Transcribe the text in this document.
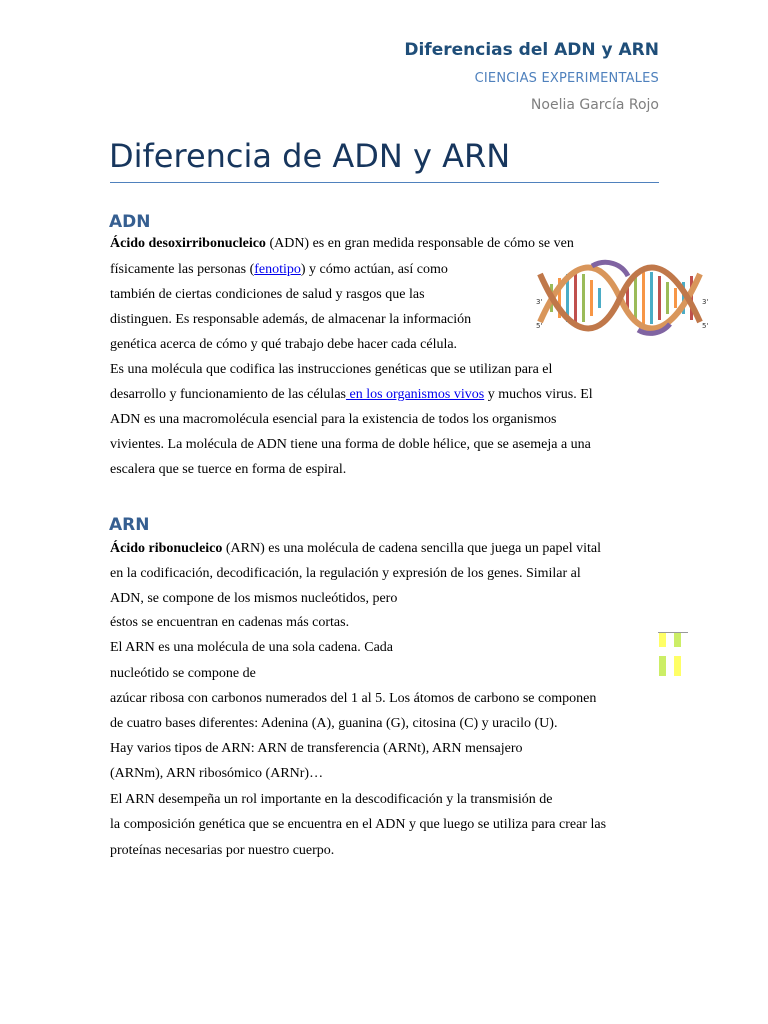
Diferencias del ADN y ARN
CIENCIAS EXPERIMENTALES
Noelia García Rojo
Diferencia de ADN y ARN
ADN
Ácido desoxirribonucleico (ADN) es en gran medida responsable de cómo se ven
físicamente las personas (fenotipo) y cómo actúan, así como
también de ciertas condiciones de salud y rasgos que las
distinguen. Es responsable además, de almacenar la información
genética acerca de cómo y qué trabajo debe hacer cada célula.
Es una molécula que codifica las instrucciones genéticas que se utilizan para el
desarrollo y funcionamiento de las células en los organismos vivos y muchos virus. El
ADN es una macromolécula esencial para la existencia de todos los organismos
vivientes. La molécula de ADN tiene una forma de doble hélice, que se asemeja a una
escalera que se tuerce en forma de espiral.
3'
5'
3'
5'
ARN
Ácido ribonucleico (ARN) es una molécula de cadena sencilla que juega un papel vital
en la codificación, decodificación, la regulación y expresión de los genes. Similar al
ADN, se compone de los mismos nucleótidos, pero
éstos se encuentran en cadenas más cortas.
El ARN es una molécula de una sola cadena. Cada
nucleótido se compone de
azúcar ribosa con carbonos numerados del 1 al 5. Los átomos de carbono se componen
de cuatro bases diferentes: Adenina (A), guanina (G), citosina (C) y uracilo (U).
Hay varios tipos de ARN: ARN de transferencia (ARNt), ARN mensajero
(ARNm), ARN ribosómico (ARNr)…
El ARN desempeña un rol importante en la descodificación y la transmisión de
la composición genética que se encuentra en el ADN y que luego se utiliza para crear las
proteínas necesarias por nuestro cuerpo.
